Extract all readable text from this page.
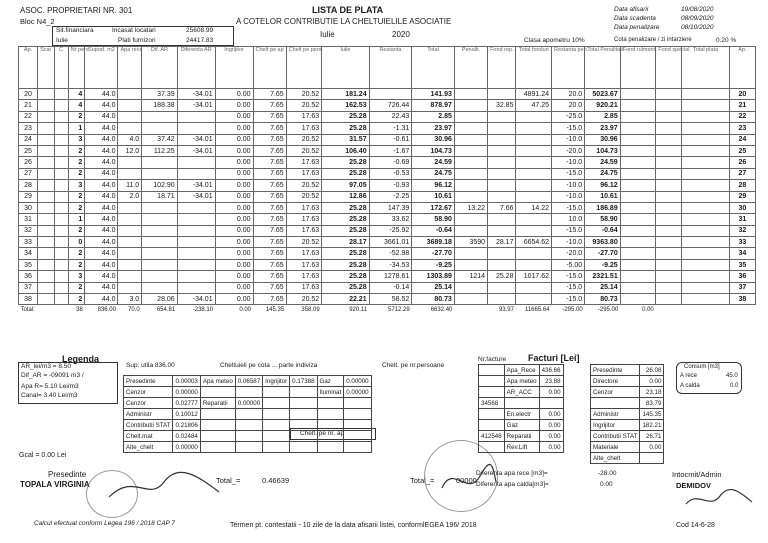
ASOC. PROPRIETARI NR. 301
Bloc N4_2
Sit.financiara	Incasat locatari	25608.99
Iulie	Plati furnizori	24417.83
LISTA DE PLATA
A COTELOR CONTRIBUTIE LA CHELTUIELILE ASOCIATIE
Iulie	2020
Data afisarii	19/08/2020
Data scadenta	08/09/2020
Data penalizare	08/10/2020
Clasa apometru 10%	Cota penalizare / zi intarziere	0.20 %
Ap.	Scar	C	Nr pers	Supraf. m2	Apa rece	Dif. AR	Diferenta AR	Ingrijitor	Chelt pe ap	Chelt pe pers	Iulie	Restanta	Total	Penalit.	Fond rep.	Total fonduri	Restanta pen.	Total Penalitati	Fond rulment	Fond special	Total plata	Ap.
20			4	44.0		37.39	-34.01	0.00	7.65	20.52	181.24		141.93			4891.24	20.0	5023.67				20
21			4	44.0		188.38	-34.01	0.00	7.65	20.52	162.53	726.44	878.97		32.85	47.25	20.0	920.21				21
22			2	44.0				0.00	7.65	17.63	25.28	22.43	2.85				-25.0	2.85				22
23			1	44.0				0.00	7.65	17.63	25.28	-1.31	23.97				-15.0	23.97				23
24			3	44.0	4.0	37.42	-34.01	0.00	7.65	20.52	31.57	-0.61	30.96				-10.0	30.96				24
25			2	44.0	12.0	112.25	-34.01	0.00	7.65	20.52	106.40	-1.67	104.73				-20.0	104.73				25
26			2	44.0				0.00	7.65	17.63	25.28	-0.69	24.59				-10.0	24.59				26
27			2	44.0				0.00	7.65	17.63	25.28	-0.53	24.75				-15.0	24.75				27
28			3	44.0	11.0	102.90	-34.01	0.00	7.65	20.52	97.05	-0.93	96.12				-10.0	96.12				28
29			2	44.0	2.0	18.71	-34.01	0.00	7.65	20.52	12.86	-2.25	10.61				-10.0	10.61				29
30			2	44.0				0.00	7.65	17.63	25.28	147.39	172.67	13.22	7.66	14.22	-15.0	186.89				30
31			1	44.0				0.00	7.65	17.63	25.28	33.62	58.90				10.0	58.90				31
32			2	44.0				0.00	7.65	17.63	25.28	-25.92	-0.64				-15.0	-0.64				32
33			0	44.0				0.00	7.65	20.52	28.17	3661.01	3689.18	3590	28.17	6654.62	-10.0	9363.80				33
34			2	44.0				0.00	7.65	17.63	25.28	-52.98	-27.70				-20.0	-27.70				34
35			2	44.0				0.00	7.65	17.63	25.28	-34.53	-9.25				-5.00	-9.25				35
36			3	44.0				0.00	7.65	17.63	25.28	1278.61	1303.89	1214	25.28	1017.62	-15.0	2321.51				36
37			2	44.0				0.00	7.65	17.63	25.28	-0.14	25.14				-15.0	25.14				37
38			2	44.0	3.0	28.06	-34.01	0.00	7.65	20.52	22.21	58.52	80.73				-15.0	80.73				38
Total:			38	836.00	70.0	654.81	-238.10	0.00	145.35	358.09	920.11	5712.29	6632.40		93.97	11665.64	-295.00	-295.00	0.00			
Legenda
AR_lei/m3 = 8.50
Dif_AR = -09091 m3 /
Apa R= 5.10 Lei/m3
Canal= 3.40 Lei/m3
Gcal = 0.00 Lei
Sup. utila 836.00	Cheltuieli pe cota ... parte indiviza	Chelt. pe nr.persoane
Chelt. pe nr. ap
Presedinte	0.00003	Apa meteo	0.06587	Ingrijitor	0.17388	Gaz	0.00000
Cenzor	0.00000					Iluminat	0.00000
Cenzor	0.02777	Reparatii	0.00000				
Administr	0.10012						
Contributii STAT	0.21806						
Chelt.mat	0.02484						
Alte_chelt	0.00000						
Nr.facture Facturi [Lei]
	Apa_Rece	436.66
	Apa meteo	23.88
	AR_ACC	0.00
34568		
	En.electr	0.00
	Gaz	0.00
412546	Reparatii	0.00
	Rev.Lift	0.00
Presedinte	26.08
Directore	0.00
Cenzor	23.18
	83.79
Administr	145.35
Ingrijitor	182.21
Contributii STAT	26.71
Materiale	0.00
Alte_chelt	
Consum [m3]
A rece	45.0
A calda	0.0
Presedinte
TOPALA VIRGINIA	Total_=	0.46639	Total_=	00000
Diferenta apa rece [m3]=	-28.00
Diferenta apa calda[m3]=	0.00
Intocmit/Admin
DEMIDOV
Calcul efectuat conform Legea 196 / 2018 CAP 7	Termen pt. contestatii - 10 zile de la data afisarii listei, conformlEGEA 196/ 2018	Cod 14-6-28
